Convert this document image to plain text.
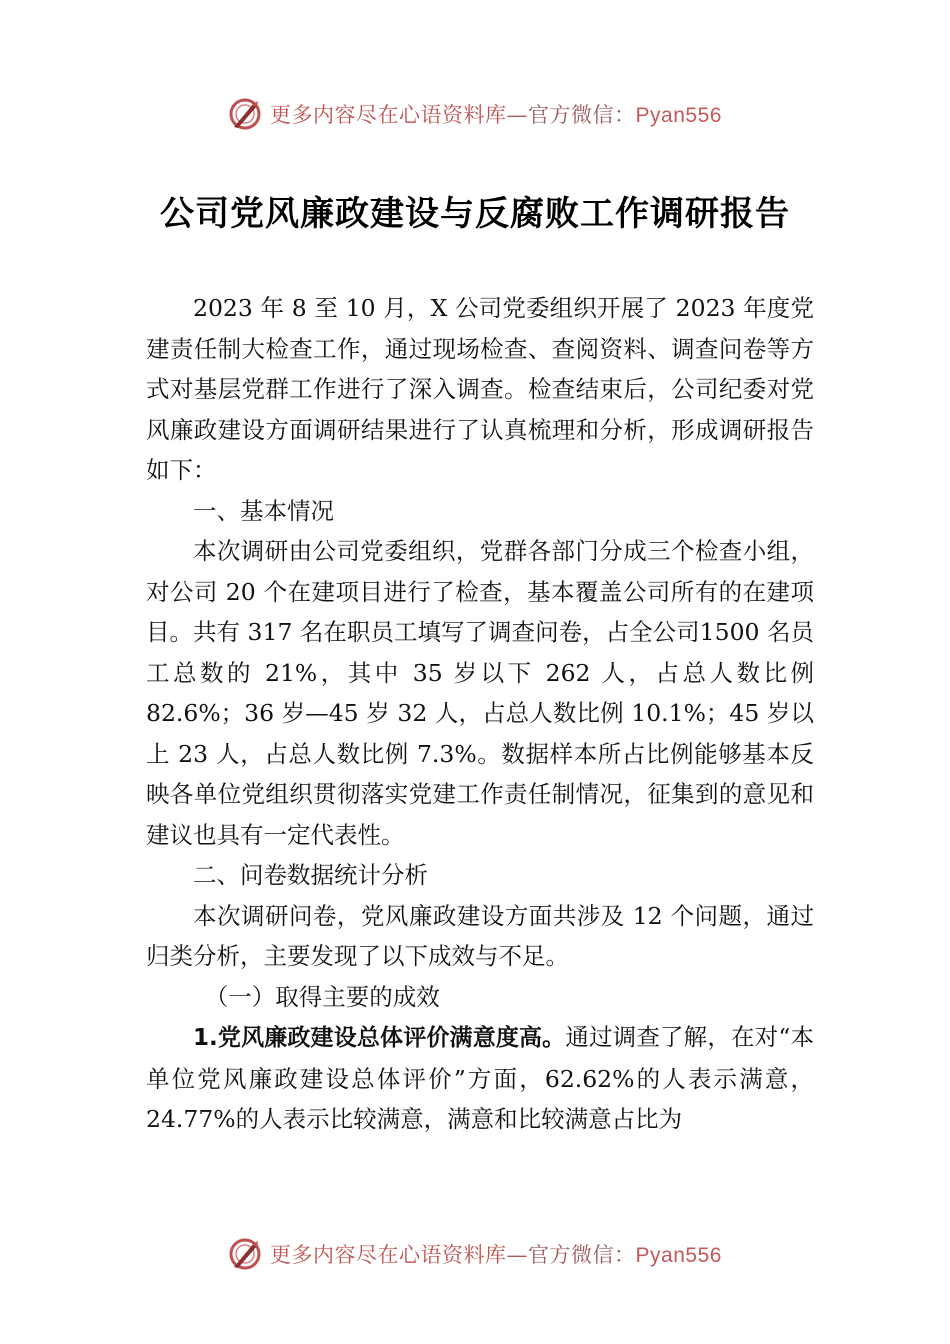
更多内容尽在心语资料库—官方微信：Pyan556
公司党风廉政建设与反腐败工作调研报告

2023 年 8 至 10 月，X 公司党委组织开展了 2023 年度党建责任制大检查工作，通过现场检查、查阅资料、调查问卷等方式对基层党群工作进行了深入调查。检查结束后，公司纪委对党风廉政建设方面调研结果进行了认真梳理和分析，形成调研报告如下：

一、基本情况

本次调研由公司党委组织，党群各部门分成三个检查小组，对公司 20 个在建项目进行了检查，基本覆盖公司所有的在建项目。共有 317 名在职员工填写了调查问卷，占全公司1500 名员工总数的 21%，其中 35 岁以下 262 人，占总人数比例 82.6%；36 岁—45 岁 32 人，占总人数比例 10.1%；45 岁以上 23 人，占总人数比例 7.3%。数据样本所占比例能够基本反映各单位党组织贯彻落实党建工作责任制情况，征集到的意见和建议也具有一定代表性。

二、问卷数据统计分析

本次调研问卷，党风廉政建设方面共涉及 12 个问题，通过归类分析，主要发现了以下成效与不足。

（一）取得主要的成效

1.党风廉政建设总体评价满意度高。通过调查了解，在对“本单位党风廉政建设总体评价”方面，62.62%的人表示满意，24.77%的人表示比较满意，满意和比较满意占比为

更多内容尽在心语资料库—官方微信：Pyan556
